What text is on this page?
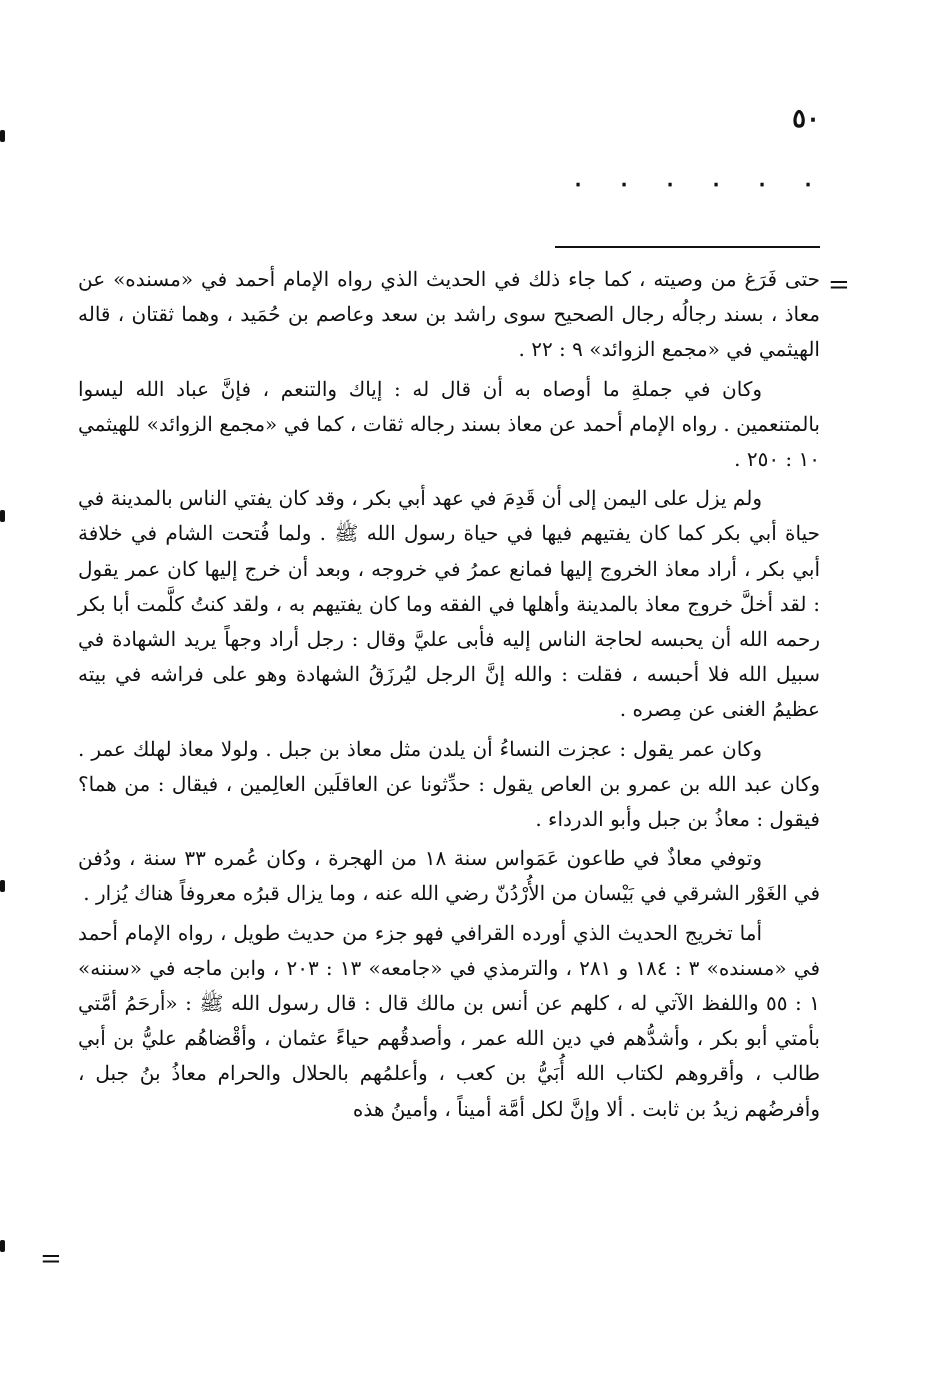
٥٠
٠ ٠ ٠ ٠ ٠ ٠
=
=

حتى فَرَغ من وصيته ، كما جاء ذلك في الحديث الذي رواه الإمام أحمد في «مسنده» عن معاذ ، بسند رجالُه رجال الصحيح سوى راشد بن سعد وعاصم بن حُمَيد ، وهما ثقتان ، قاله الهيثمي في «مجمع الزوائد» ٩ : ٢٢ .

وكان في جملةِ ما أوصاه به أن قال له : إياك والتنعم ، فإنَّ عباد الله ليسوا بالمتنعمين . رواه الإمام أحمد عن معاذ بسند رجاله ثقات ، كما في «مجمع الزوائد» للهيثمي ١٠ : ٢٥٠ .

ولم يزل على اليمن إلى أن قَدِمَ في عهد أبي بكر ، وقد كان يفتي الناس بالمدينة في حياة أبي بكر كما كان يفتيهم فيها في حياة رسول الله ﷺ . ولما فُتحت الشام في خلافة أبي بكر ، أراد معاذ الخروج إليها فمانع عمرُ في خروجه ، وبعد أن خرج إليها كان عمر يقول : لقد أخلَّ خروج معاذ بالمدينة وأهلها في الفقه وما كان يفتيهم به ، ولقد كنتُ كلَّمت أبا بكر رحمه الله أن يحبسه لحاجة الناس إليه فأبى عليَّ وقال : رجل أراد وجهاً يريد الشهادة في سبيل الله فلا أحبسه ، فقلت : والله إنَّ الرجل ليُرزَقُ الشهادة وهو على فراشه في بيته عظيمُ الغنى عن مِصره .

وكان عمر يقول : عجزت النساءُ أن يلدن مثل معاذ بن جبل . ولولا معاذ لهلك عمر . وكان عبد الله بن عمرو بن العاص يقول : حدِّثونا عن العاقلَين العالِمين ، فيقال : من هما؟ فيقول : معاذُ بن جبل وأبو الدرداء .

وتوفي معاذٌ في طاعون عَمَواس سنة ١٨ من الهجرة ، وكان عُمره ٣٣ سنة ، ودُفن في الغَوْر الشرقي في بَيْسان من الأُرْدُنّ رضي الله عنه ، وما يزال قبرُه معروفاً هناك يُزار .

أما تخريج الحديث الذي أورده القرافي فهو جزء من حديث طويل ، رواه الإمام أحمد في «مسنده» ٣ : ١٨٤ و ٢٨١ ، والترمذي في «جامعه» ١٣ : ٢٠٣ ، وابن ماجه في «سننه» ١ : ٥٥ واللفظ الآتي له ، كلهم عن أنس بن مالك قال : قال رسول الله ﷺ : «أرحَمُ أمَّتي بأمتي أبو بكر ، وأشدُّهم في دين الله عمر ، وأصدقُهم حياءً عثمان ، وأقْضاهُم عليُّ بن أبي طالب ، وأقروهم لكتاب الله أُبَيُّ بن كعب ، وأعلمُهم بالحلال والحرام معاذُ بنُ جبل ، وأفرضُهم زيدُ بن ثابت . ألا وإنَّ لكل أمَّة أميناً ، وأمينُ هذه
